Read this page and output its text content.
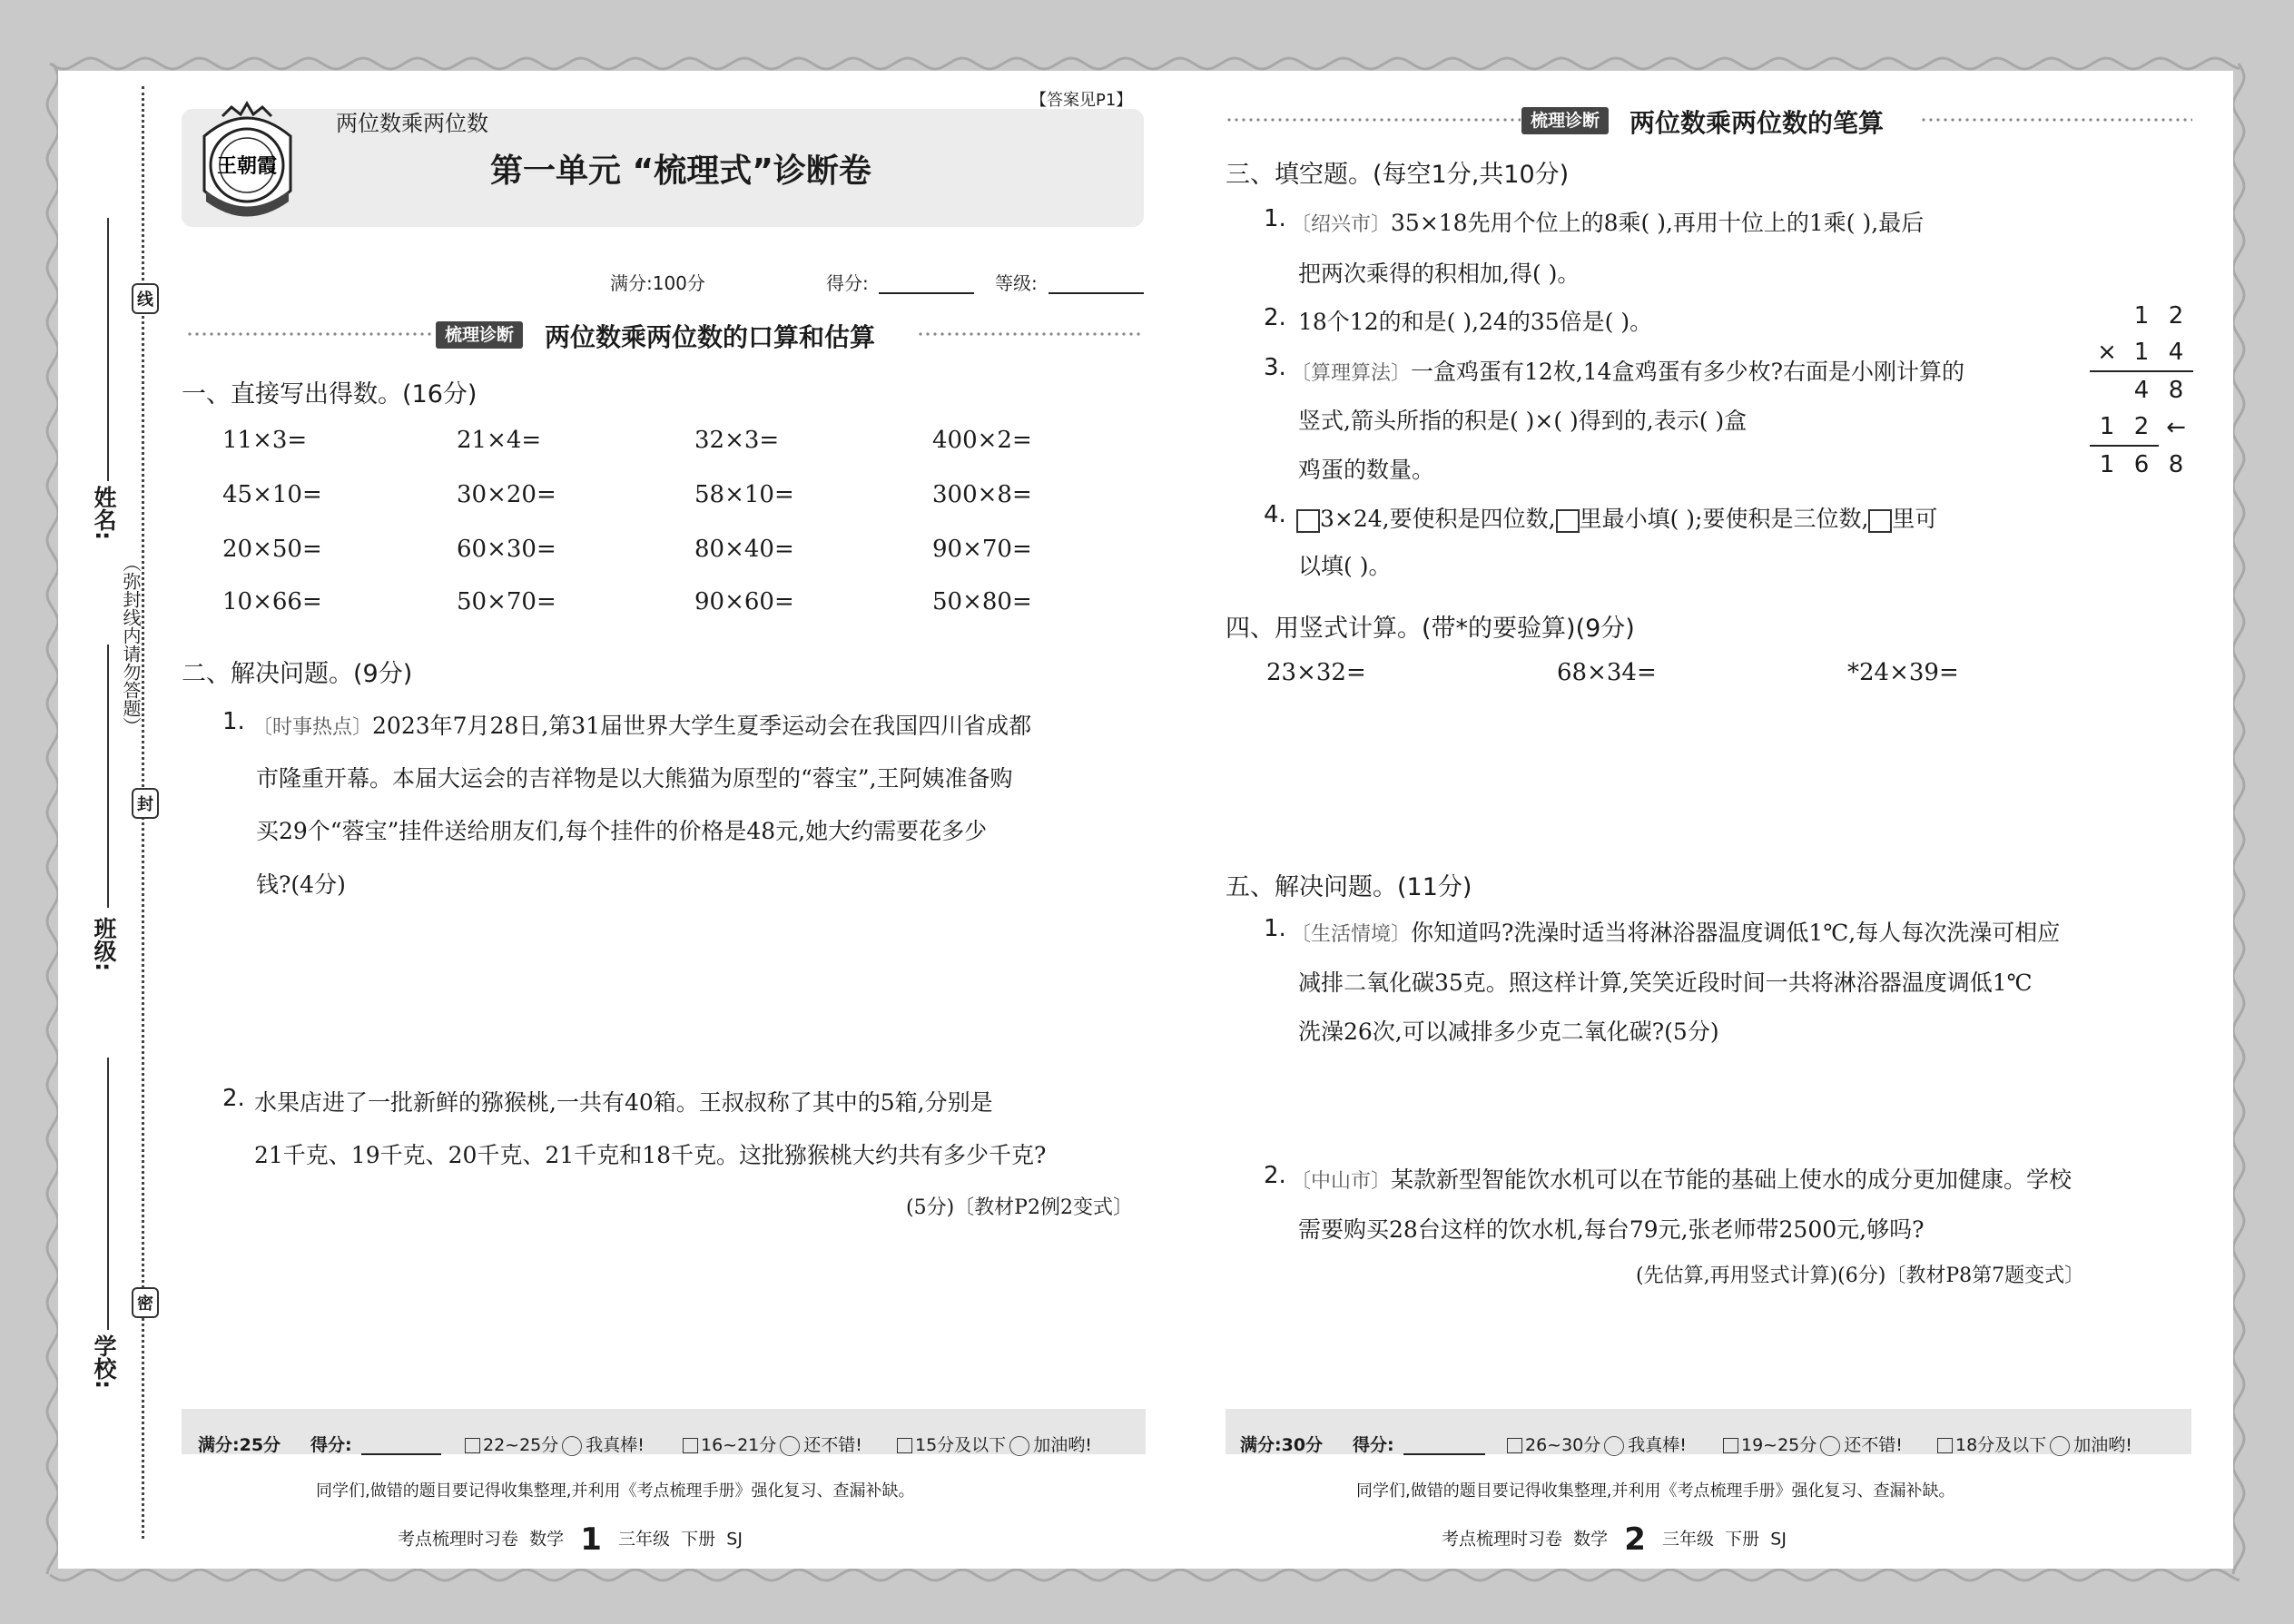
姓名:
班级:
学校:
线
封
密
（弥封线内请勿答题）
王朝霞
两位数乘两位数
【答案见P1】
第一单元 “梳理式”诊断卷
满分:100分	得分:	等级:
梳理诊断	两位数乘两位数的口算和估算
一、直接写出得数。(16分)
11×3=	21×4=	32×3=	400×2=
45×10=	30×20=	58×10=	300×8=
20×50=	60×30=	80×40=	90×70=
10×66=	50×70=	90×60=	50×80=
二、解决问题。(9分)
1. 〔时事热点〕2023年7月28日,第31届世界大学生夏季运动会在我国四川省成都
市隆重开幕。本届大运会的吉祥物是以大熊猫为原型的“蓉宝”,王阿姨准备购
买29个“蓉宝”挂件送给朋友们,每个挂件的价格是48元,她大约需要花多少
钱?(4分)
2. 水果店进了一批新鲜的猕猴桃,一共有40箱。王叔叔称了其中的5箱,分别是
21千克、19千克、20千克、21千克和18千克。这批猕猴桃大约共有多少千克?
(5分)〔教材P2例2变式〕
满分:25分 得分:	22~25分 我真棒!	16~21分 还不错!	15分及以下 加油哟!
同学们,做错的题目要记得收集整理,并利用《考点梳理手册》强化复习、查漏补缺。
考点梳理时习卷 数学 1 三年级 下册 SJ
梳理诊断	两位数乘两位数的笔算
三、填空题。(每空1分,共10分)
1. 〔绍兴市〕35×18先用个位上的8乘( ),再用十位上的1乘( ),最后
把两次乘得的积相加,得( )。
2. 18个12的和是( ),24的35倍是( )。
3. 〔算理算法〕一盒鸡蛋有12枚,14盒鸡蛋有多少枚?右面是小刚计算的
竖式,箭头所指的积是( )×( )得到的,表示( )盒
鸡蛋的数量。
	1	2
×	1	4
	4	8
1	2	←
1	6	8
4.	3×24,要使积是四位数, 里最小填( );要使积是三位数, 里可
以填( )。
四、用竖式计算。(带*的要验算)(9分)
23×32=	68×34=	*24×39=
五、解决问题。(11分)
1. 〔生活情境〕你知道吗?洗澡时适当将淋浴器温度调低1℃,每人每次洗澡可相应
减排二氧化碳35克。照这样计算,笑笑近段时间一共将淋浴器温度调低1℃
洗澡26次,可以减排多少克二氧化碳?(5分)
2. 〔中山市〕某款新型智能饮水机可以在节能的基础上使水的成分更加健康。学校
需要购买28台这样的饮水机,每台79元,张老师带2500元,够吗?
(先估算,再用竖式计算)(6分)〔教材P8第7题变式〕
满分:30分 得分:	26~30分 我真棒!	19~25分 还不错!	18分及以下 加油哟!
同学们,做错的题目要记得收集整理,并利用《考点梳理手册》强化复习、查漏补缺。
考点梳理时习卷 数学 2 三年级 下册 SJ
